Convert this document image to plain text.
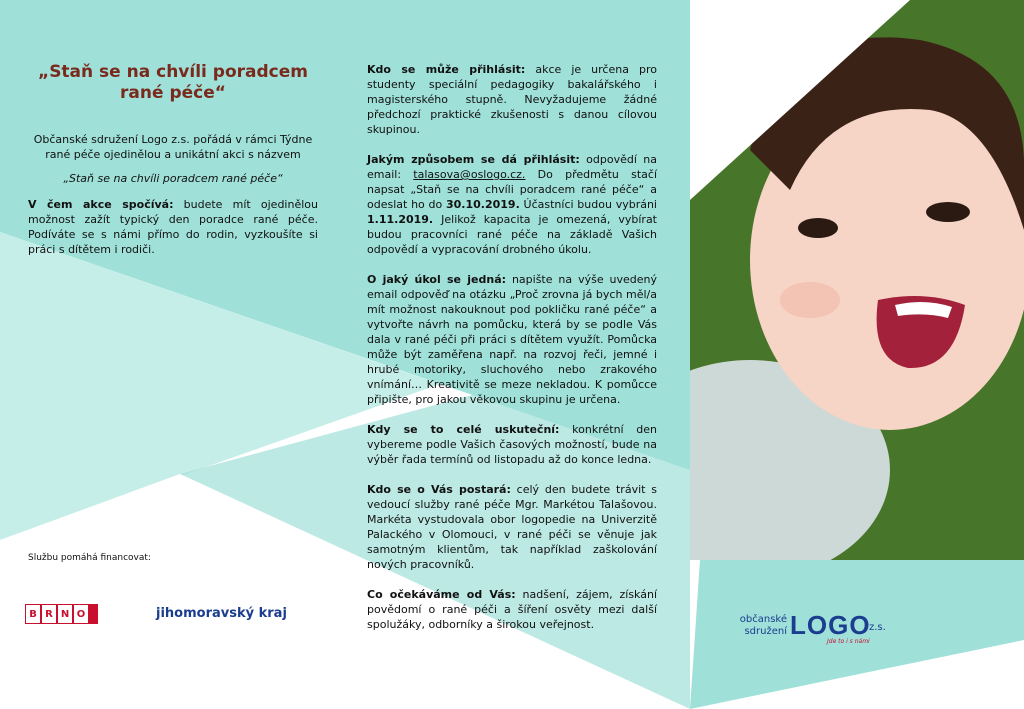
„Staň se na chvíli poradcem rané péče“
Občanské sdružení Logo z.s. pořádá v rámci Týdne rané péče ojedinělou a unikátní akci s názvem
„Staň se na chvíli poradcem rané péče“
V čem akce spočívá: budete mít ojedinělou možnost zažít typický den poradce rané péče. Podíváte se s námi přímo do rodin, vyzkoušíte si práci s dítětem i rodiči.

Kdo se může přihlásit: akce je určena pro studenty speciální pedagogiky bakalářského i magisterského stupně. Nevyžadujeme žádné předchozí praktické zkušenosti s danou cílovou skupinou.

Jakým způsobem se dá přihlásit: odpovědí na email: talasova@oslogo.cz. Do předmětu stačí napsat „Staň se na chvíli poradcem rané péče“ a odeslat ho do 30.10.2019. Účastníci budou vybráni 1.11.2019. Jelikož kapacita je omezená, vybírat budou pracovníci rané péče na základě Vašich odpovědí a vypracování drobného úkolu.

O jaký úkol se jedná: napište na výše uvedený email odpověď na otázku „Proč zrovna já bych měl/a mít možnost nakouknout pod pokličku rané péče“ a vytvořte návrh na pomůcku, která by se podle Vás dala v rané péči při práci s dítětem využít. Pomůcka může být zaměřena např. na rozvoj řeči, jemné i hrubé motoriky, sluchového nebo zrakového vnímání… Kreativitě se meze nekladou. K pomůcce připište, pro jakou věkovou skupinu je určena.

Kdy se to celé uskuteční: konkrétní den vybereme podle Vašich časových možností, bude na výběr řada termínů od listopadu až do konce ledna.

Kdo se o Vás postará: celý den budete trávit s vedoucí služby rané péče Mgr. Markétou Talašovou. Markéta vystudovala obor logopedie na Univerzitě Palackého v Olomouci, v rané péči se věnuje jak samotným klientům, tak například zaškolování nových pracovníků.

Co očekáváme od Vás: nadšení, zájem, získání povědomí o rané péči a šíření osvěty mezi další spolužáky, odborníky a širokou veřejnost.

Službu pomáhá financovat:
B R N O	jihomoravský kraj	občanské
sdružení LOGO
z.s.
Jde to i s námi
